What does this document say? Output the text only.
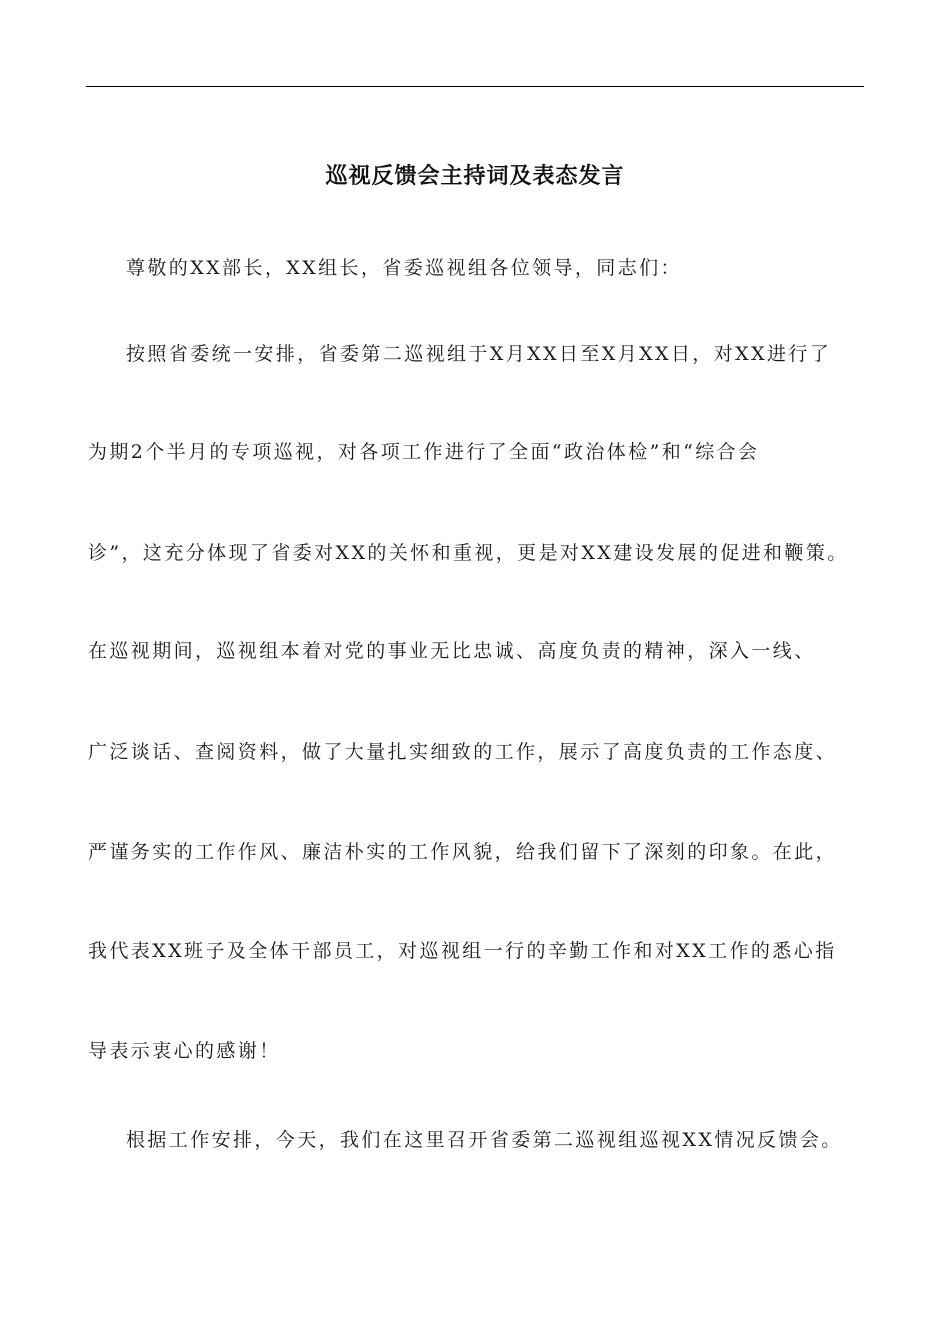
巡视反馈会主持词及表态发言

尊敬的XX部长，XX组长，省委巡视组各位领导，同志们：

按照省委统一安排，省委第二巡视组于X月XX日至X月XX日，对XX进行了

为期2个半月的专项巡视，对各项工作进行了全面“政治体检”和“综合会

诊”，这充分体现了省委对XX的关怀和重视，更是对XX建设发展的促进和鞭策。

在巡视期间，巡视组本着对党的事业无比忠诚、高度负责的精神，深入一线、

广泛谈话、查阅资料，做了大量扎实细致的工作，展示了高度负责的工作态度、

严谨务实的工作作风、廉洁朴实的工作风貌，给我们留下了深刻的印象。在此，

我代表XX班子及全体干部员工，对巡视组一行的辛勤工作和对XX工作的悉心指

导表示衷心的感谢！

根据工作安排，今天，我们在这里召开省委第二巡视组巡视XX情况反馈会。
